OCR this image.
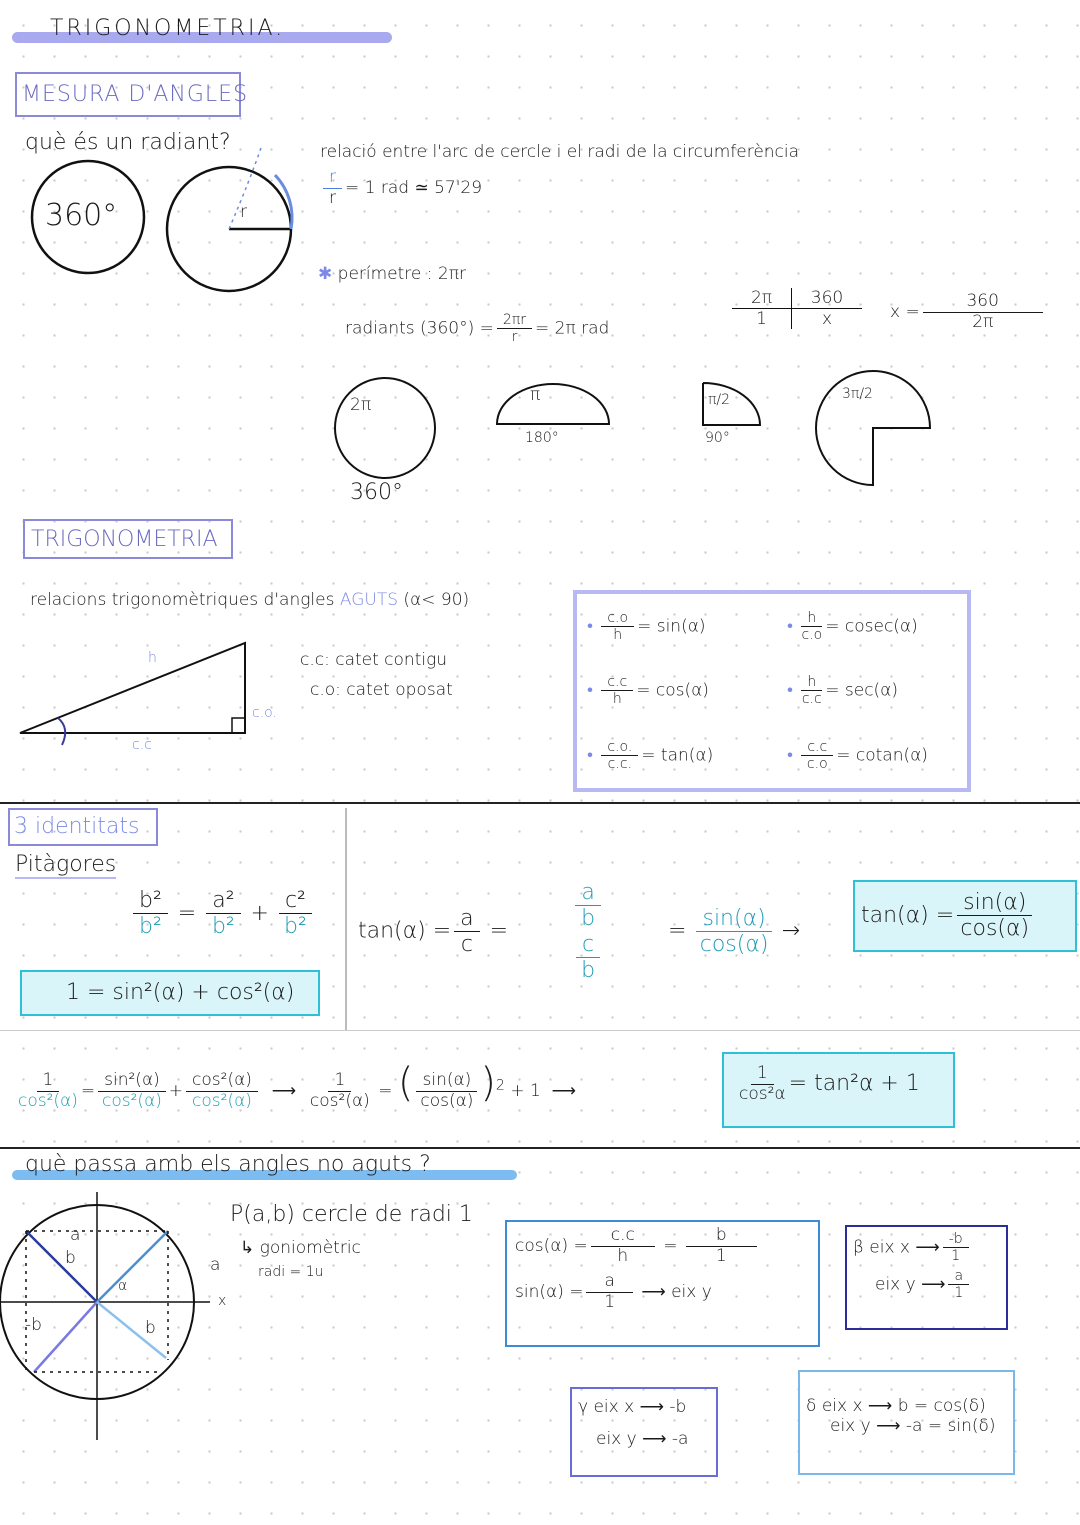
TRIGONOMETRIA.
MESURA D'ANGLES
què és un radiant?
360°	r
relació entre l'arc de cercle i el radi de la circumferència
$\frac{r}{r} = 1$ rad ≃ 57'29
✱ perímetre : 2πr
radiants $(360^\circ) = \frac{2\pi r}{r} = 2\pi$ rad
2π	360
1	x	$x = \frac{360}{2\pi}$
2π
360°
π
180°
π/2
90°
3π/2
TRIGONOMETRIA
relacions trigonomètriques d'angles AGUTS (α< 90)
h
c.c
c.o.
c.c: catet contigu
c.o: catet oposat
• $\frac{c.o}{h} = \sin(\alpha)$	• $\frac{h}{c.o} = cosec(\alpha)$
• $\frac{c.c}{h} = \cos(\alpha)$	• $\frac{h}{c.c} = \sec(\alpha)$
• $\frac{c.o.}{c.c.} = \tan(\alpha)$	• $\frac{c.c}{c.o} = cotan(\alpha)$
3 identitats
Pitàgores
$\frac{\text{b²}}{\text{b²}} = \frac{\text{a²}}{\text{b²}} + \frac{\text{c²}}{\text{b²}}$
1 = sin²(α) + cos²(α)
$\tan(\alpha) = \frac{a}{c} = \frac{a}{b}$
$\frac{c}{b}$
= $\frac{\sin(\alpha)}{\cos(\alpha)}$ →
$\tan(\alpha) = \frac{\sin(\alpha)}{\cos(\alpha)}$
$\frac{1}{\text{cos²(α)}} = \frac{\text{sin²(α)}}{\text{cos²(α)}} + \frac{\text{cos²(α)}}{\text{cos²(α)}}$ ⟶ $\frac{1}{\text{cos²(α)}}$ = ( $\frac{\sin(\alpha)}{\cos(\alpha)} )^2 + 1$  ⟶	$\frac{1}{\text{cos²α}} = \tan^2\alpha + 1$
què passa amb els angles no aguts ?
a
b	a
α
x
-b	b
P(a,b) cercle de radi 1
↳ goniomètric
radi = 1u
$\cos(\alpha) = \frac{c.c}{h} = \frac{b}{1}$
$\sin(\alpha) = \frac{a}{1}$ ⟶ eix y
β eix x ⟶ $\frac{-b}{1}$
eix y ⟶ $\frac{a}{1}$
γ eix x ⟶ -b
eix y ⟶ -a
δ eix x ⟶ b = cos(δ)
eix y ⟶ -a = sin(δ)
